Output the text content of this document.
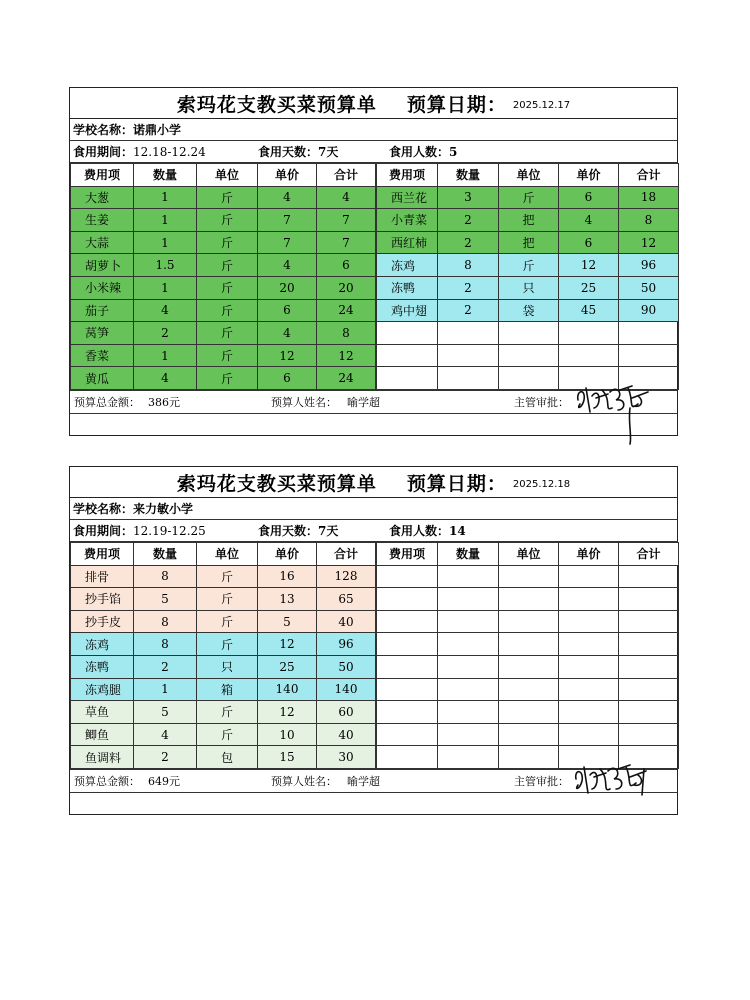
索玛花支教买菜预算单 预算日期： 2025.12.17
学校名称： 诺鼎小学
食用期间： 12.18-12.24	食用天数： 7天	食用人数： 5
费用项	数量	单位	单价	合计
大葱	1	斤	4	4
生姜	1	斤	7	7
大蒜	1	斤	7	7
胡萝卜	1.5	斤	4	6
小米辣	1	斤	20	20
茄子	4	斤	6	24
莴笋	2	斤	4	8
香菜	1	斤	12	12
黄瓜	4	斤	6	24
费用项	数量	单位	单价	合计
西兰花	3	斤	6	18
小青菜	2	把	4	8
西红柿	2	把	6	12
冻鸡	8	斤	12	96
冻鸭	2	只	25	50
鸡中翅	2	袋	45	90

预算总金额： 386元	预算人姓名： 喻学超	主管审批：
索玛花支教买菜预算单 预算日期： 2025.12.18
学校名称： 来力敏小学
食用期间： 12.19-12.25	食用天数： 7天	食用人数： 14
费用项	数量	单位	单价	合计
排骨	8	斤	16	128
抄手馅	5	斤	13	65
抄手皮	8	斤	5	40
冻鸡	8	斤	12	96
冻鸭	2	只	25	50
冻鸡腿	1	箱	140	140
草鱼	5	斤	12	60
鲫鱼	4	斤	10	40
鱼调料	2	包	15	30
费用项	数量	单位	单价	合计

预算总金额： 649元	预算人姓名： 喻学超	主管审批：
